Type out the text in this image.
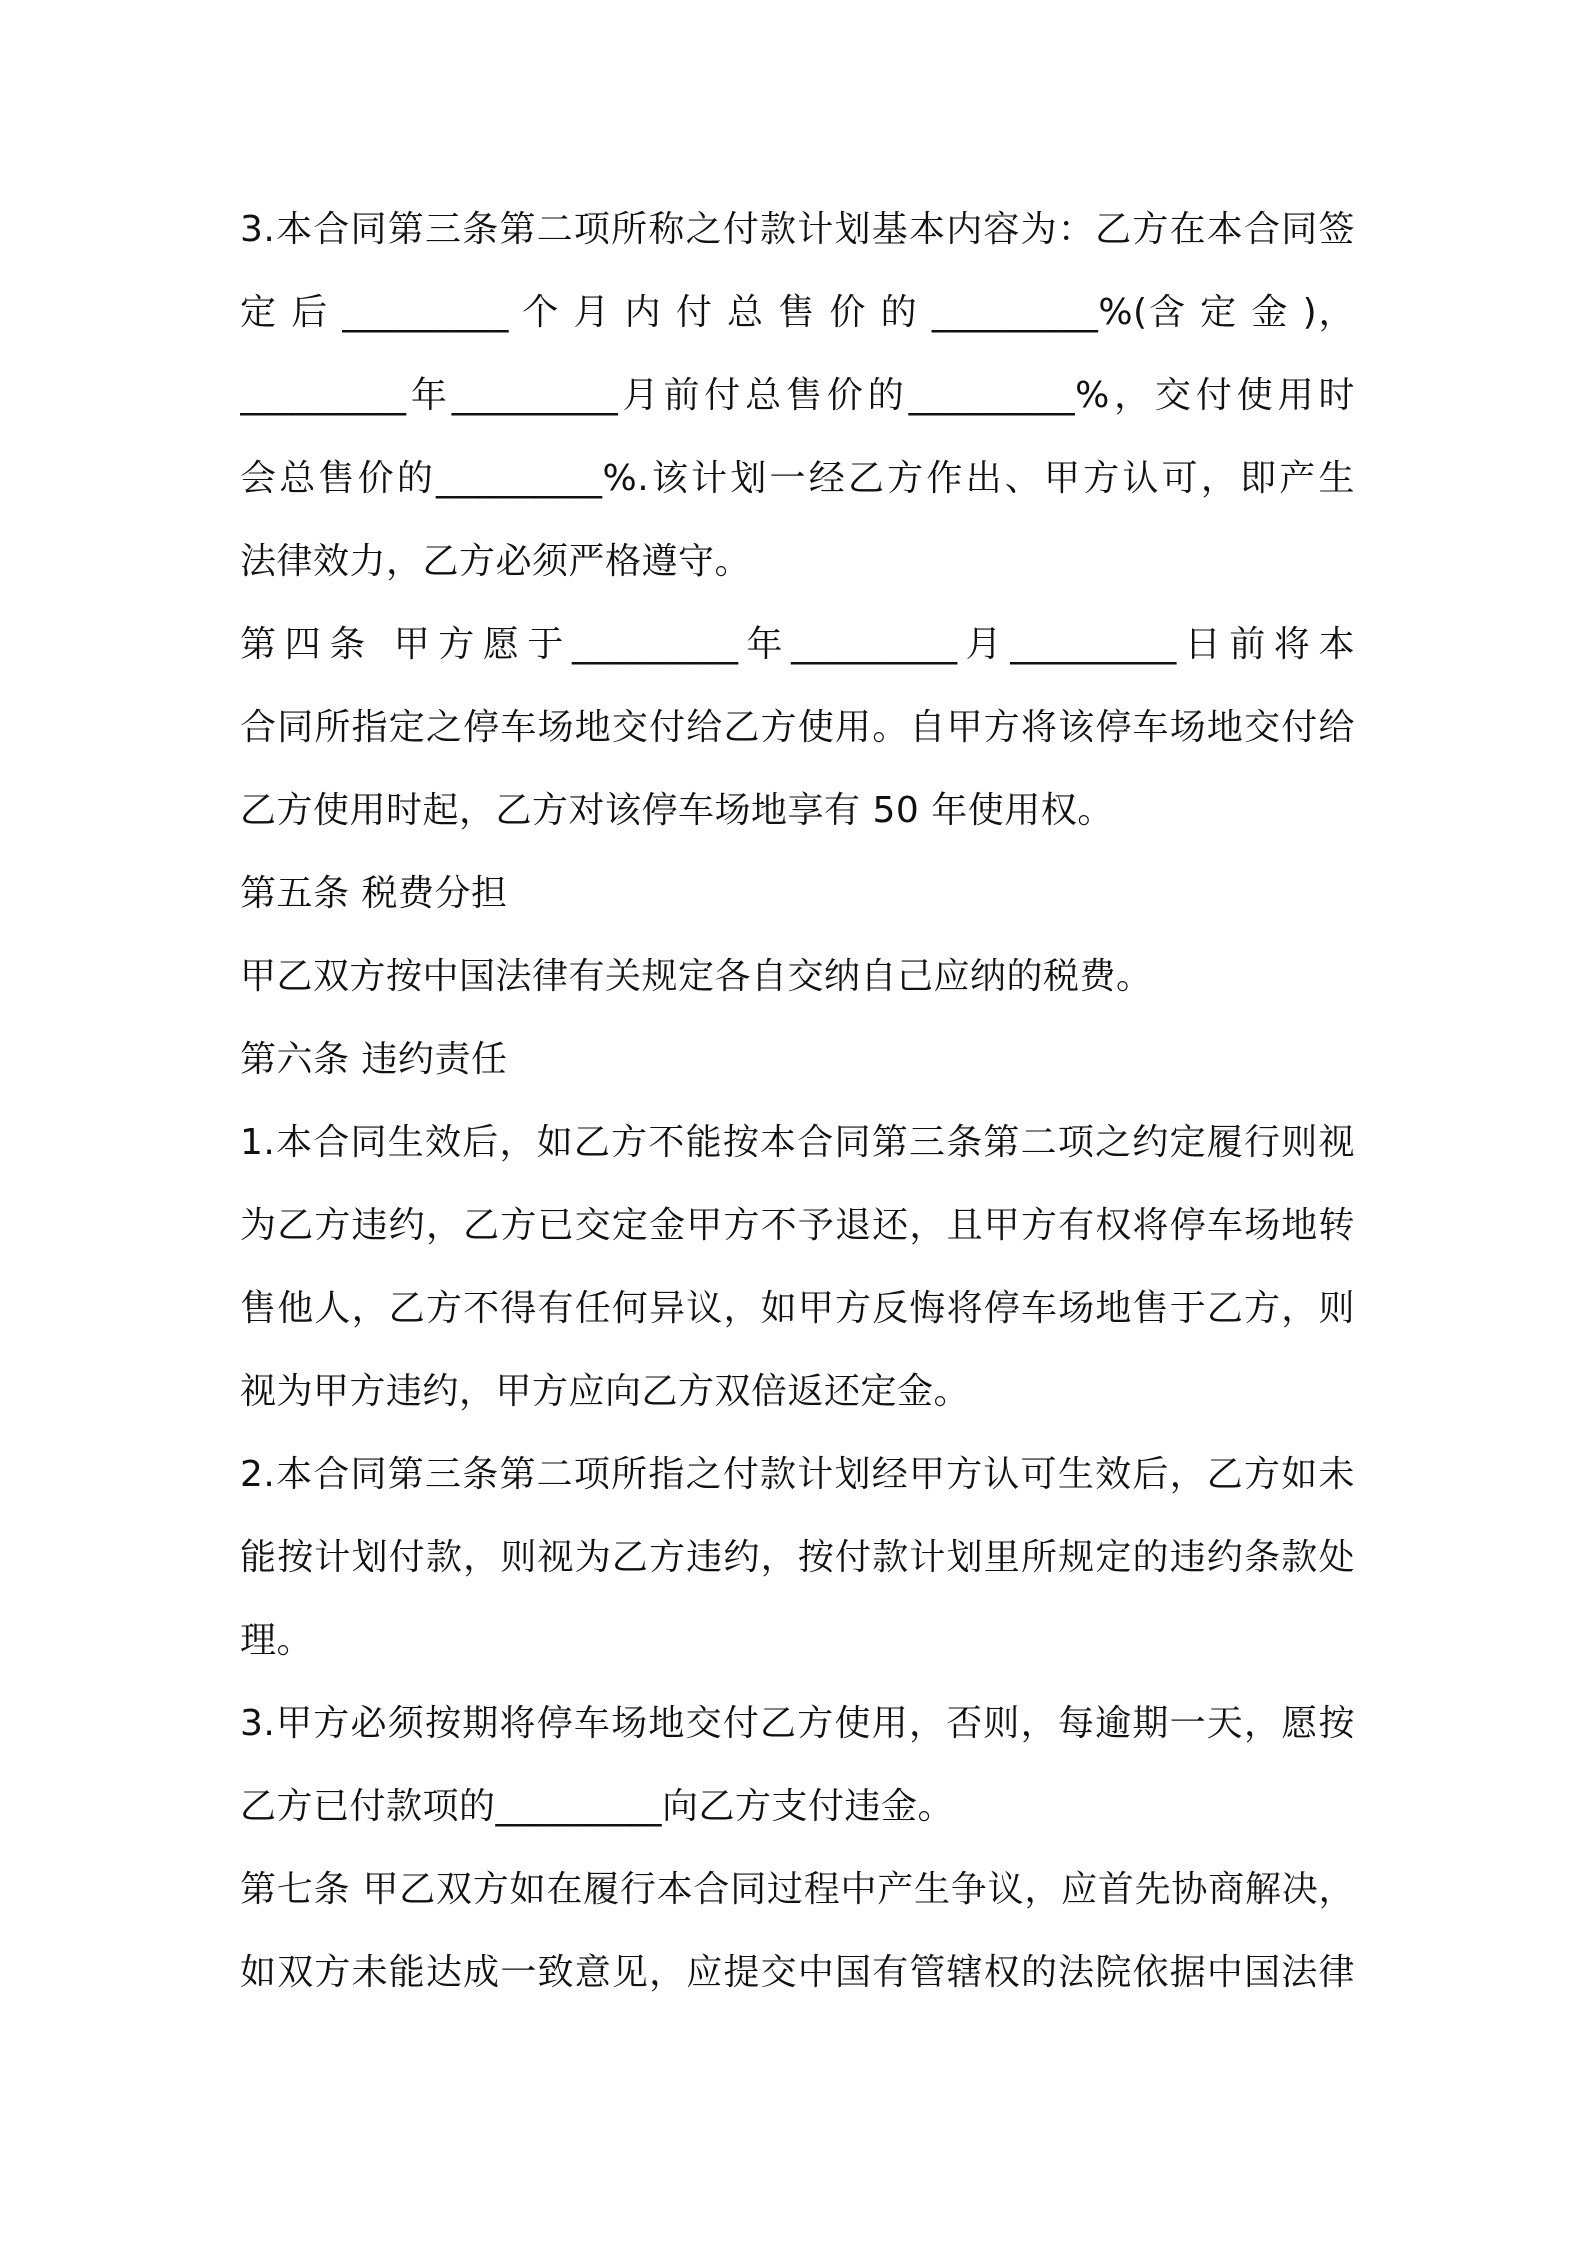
3.本合同第三条第二项所称之付款计划基本内容为：乙方在本合同签
定 后 _________ 个 月 内 付 总 售 价 的 _________%(含 定 金 )，
_________年_________月前付总售价的_________%，交付使用时
会总售价的_________%.该计划一经乙方作出、甲方认可，即产生
法律效力，乙方必须严格遵守。
第四条 甲方愿于_________年_________月_________日前将本
合同所指定之停车场地交付给乙方使用。自甲方将该停车场地交付给
乙方使用时起，乙方对该停车场地享有 50 年使用权。
第五条 税费分担
甲乙双方按中国法律有关规定各自交纳自己应纳的税费。
第六条 违约责任
1.本合同生效后，如乙方不能按本合同第三条第二项之约定履行则视
为乙方违约，乙方已交定金甲方不予退还，且甲方有权将停车场地转
售他人，乙方不得有任何异议，如甲方反悔将停车场地售于乙方，则
视为甲方违约，甲方应向乙方双倍返还定金。
2.本合同第三条第二项所指之付款计划经甲方认可生效后，乙方如未
能按计划付款，则视为乙方违约，按付款计划里所规定的违约条款处
理。
3.甲方必须按期将停车场地交付乙方使用，否则，每逾期一天，愿按
乙方已付款项的_________向乙方支付违金。
第七条 甲乙双方如在履行本合同过程中产生争议，应首先协商解决，
如双方未能达成一致意见，应提交中国有管辖权的法院依据中国法律
